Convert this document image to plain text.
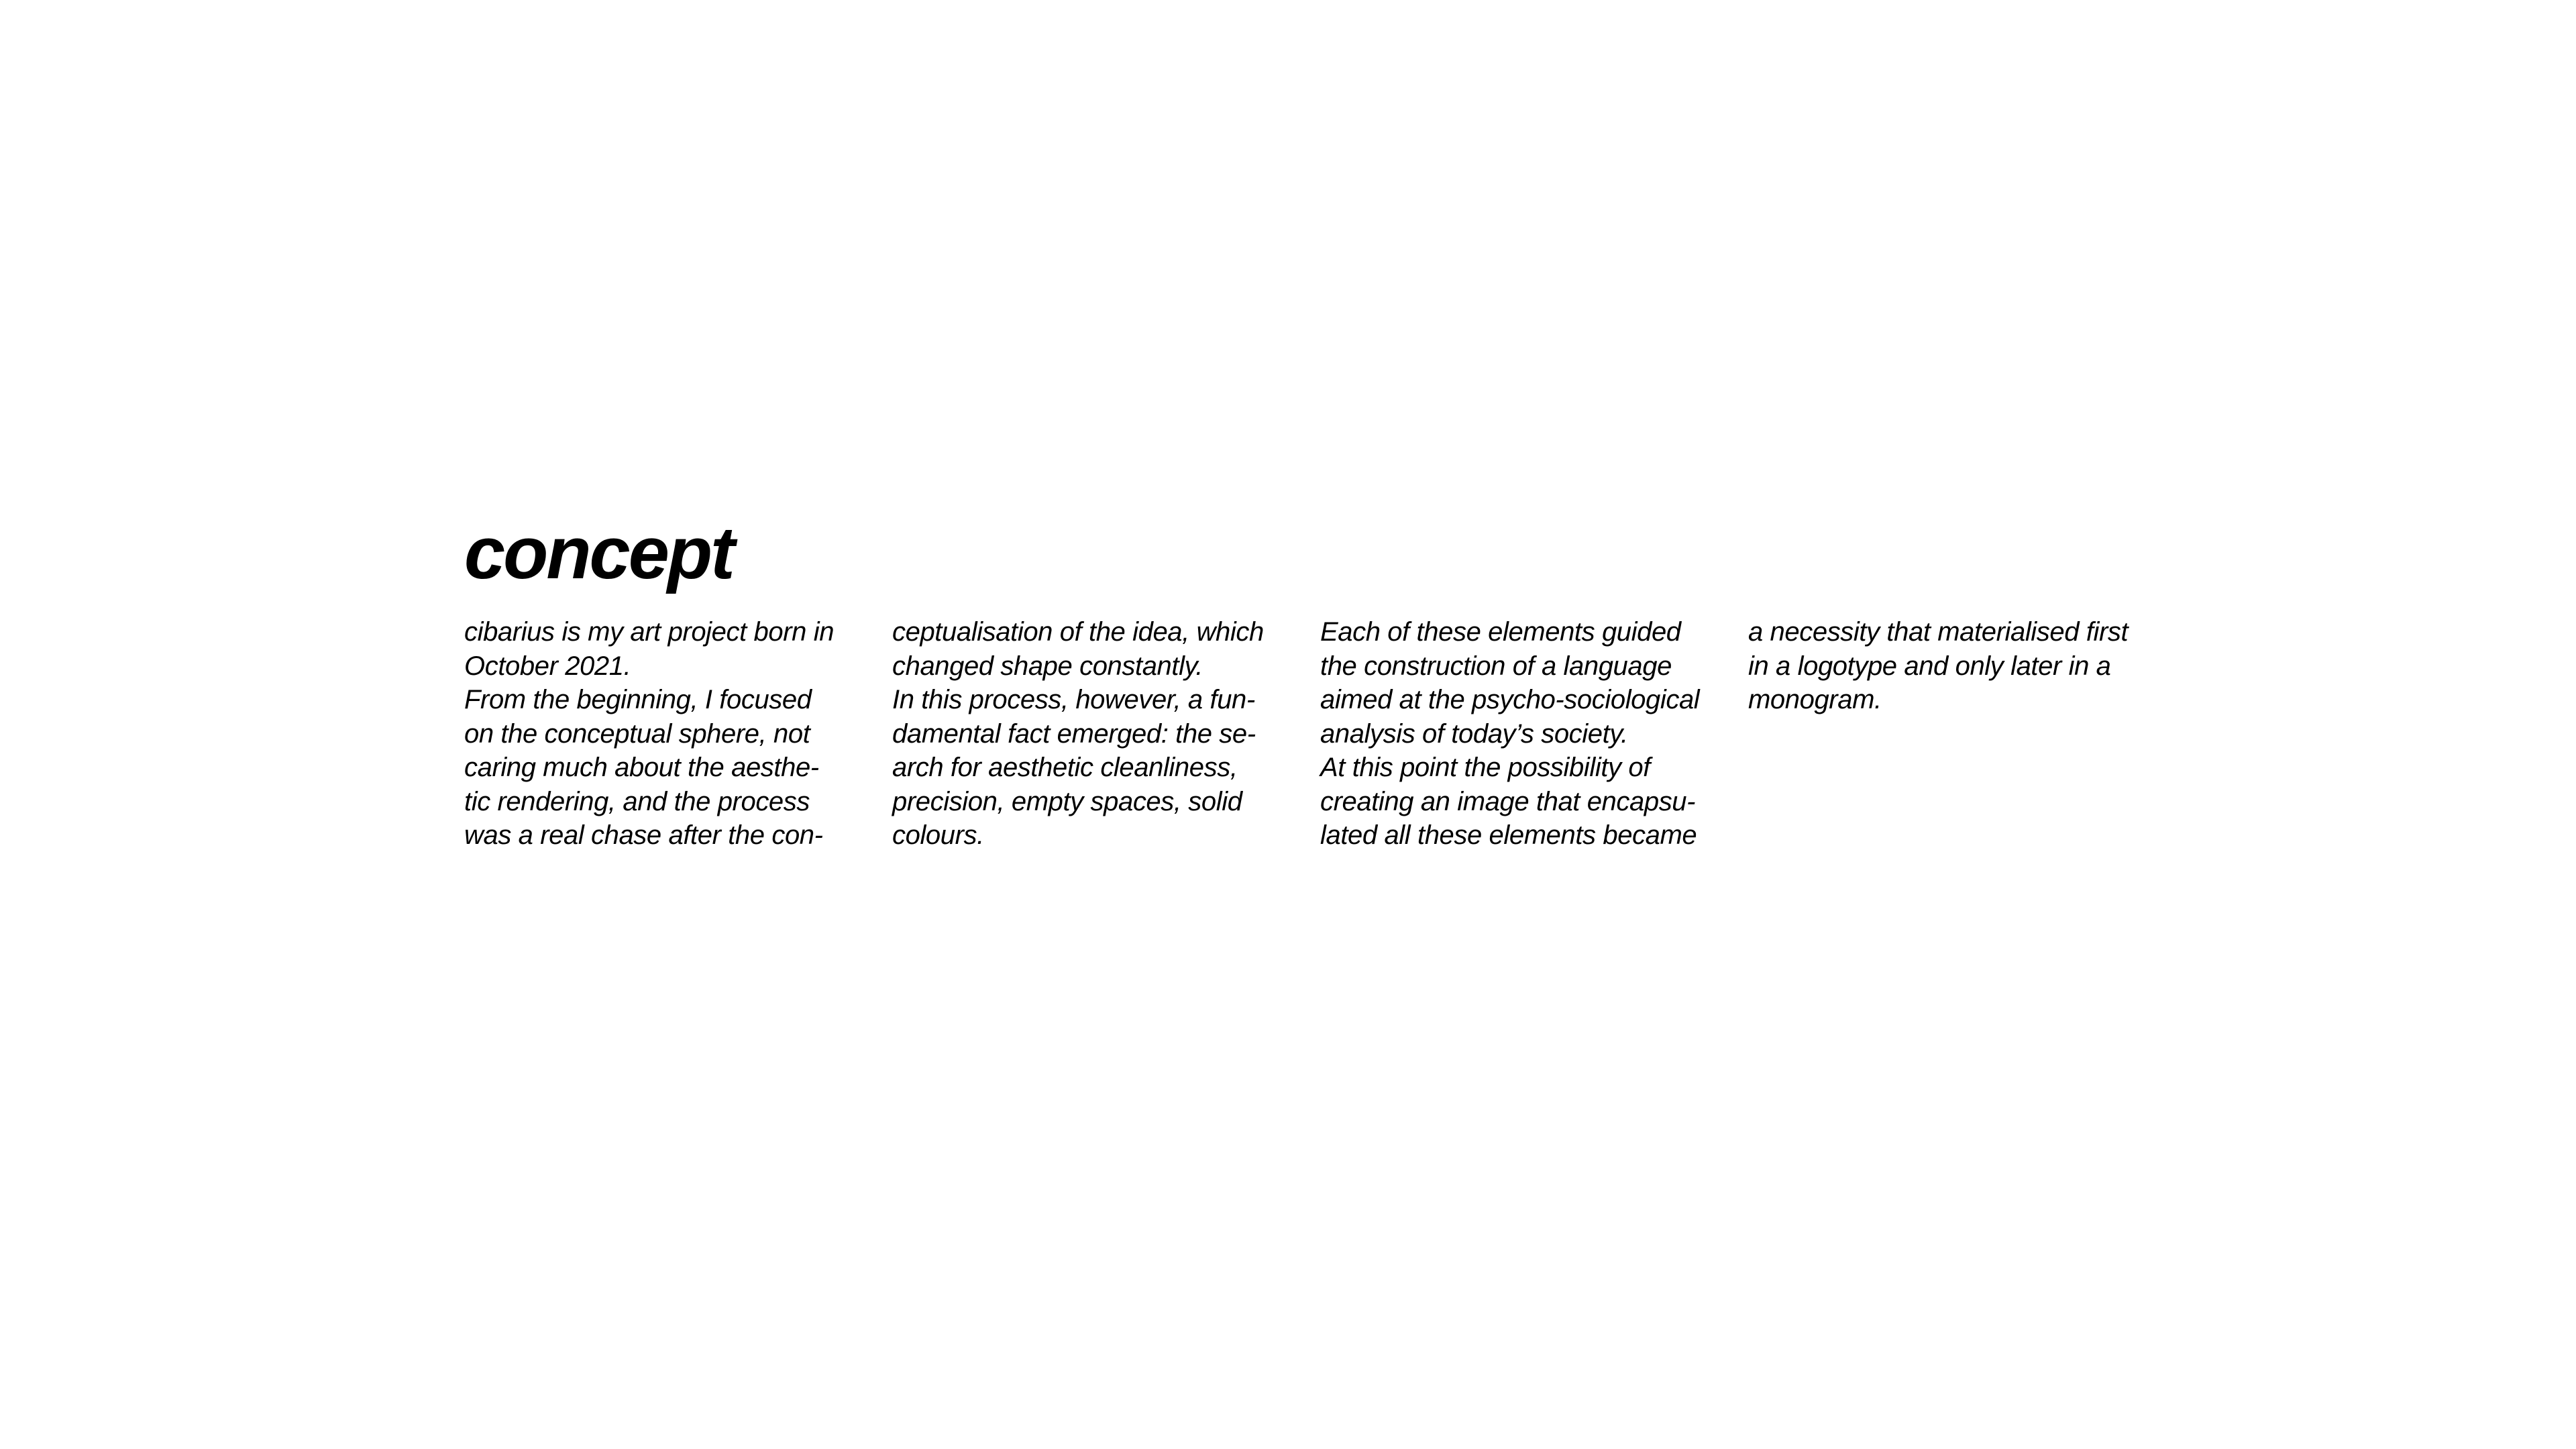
concept
cibarius is my art project born in
October 2021.
From the beginning, I focused
on the conceptual sphere, not
caring much about the aesthe-
tic rendering, and the process
was a real chase after the con-
ceptualisation of the idea, which
changed shape constantly.
In this process, however, a fun-
damental fact emerged: the se-
arch for aesthetic cleanliness,
precision, empty spaces, solid
colours.
Each of these elements guided
the construction of a language
aimed at the psycho-sociological
analysis of today’s society.
At this point the possibility of
creating an image that encapsu-
lated all these elements became
a necessity that materialised first
in a logotype and only later in a
monogram.
